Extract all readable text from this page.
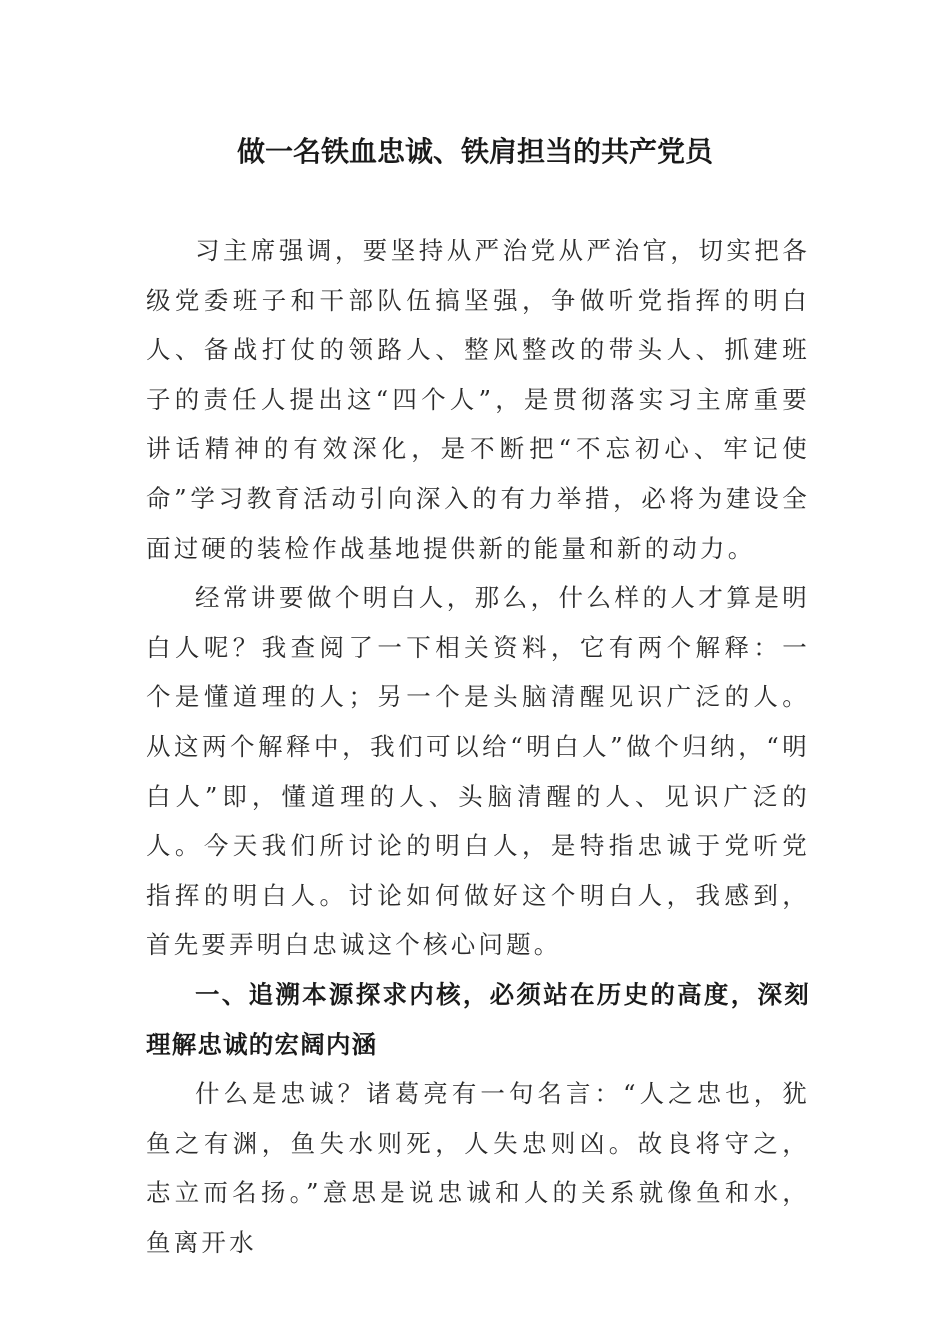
做一名铁血忠诚、铁肩担当的共产党员

习主席强调，要坚持从严治党从严治官，切实把各级党委班子和干部队伍搞坚强，争做听党指挥的明白人、备战打仗的领路人、整风整改的带头人、抓建班子的责任人提出这“四个人”，是贯彻落实习主席重要讲话精神的有效深化，是不断把“不忘初心、牢记使命”学习教育活动引向深入的有力举措，必将为建设全面过硬的装检作战基地提供新的能量和新的动力。

经常讲要做个明白人，那么，什么样的人才算是明白人呢？我查阅了一下相关资料，它有两个解释：一个是懂道理的人；另一个是头脑清醒见识广泛的人。从这两个解释中，我们可以给“明白人”做个归纳，“明白人”即，懂道理的人、头脑清醒的人、见识广泛的人。今天我们所讨论的明白人，是特指忠诚于党听党指挥的明白人。讨论如何做好这个明白人，我感到，首先要弄明白忠诚这个核心问题。

一、追溯本源探求内核，必须站在历史的高度，深刻理解忠诚的宏阔内涵

什么是忠诚？诸葛亮有一句名言：“人之忠也，犹鱼之有渊，鱼失水则死，人失忠则凶。故良将守之，志立而名扬。”意思是说忠诚和人的关系就像鱼和水，鱼离开水
